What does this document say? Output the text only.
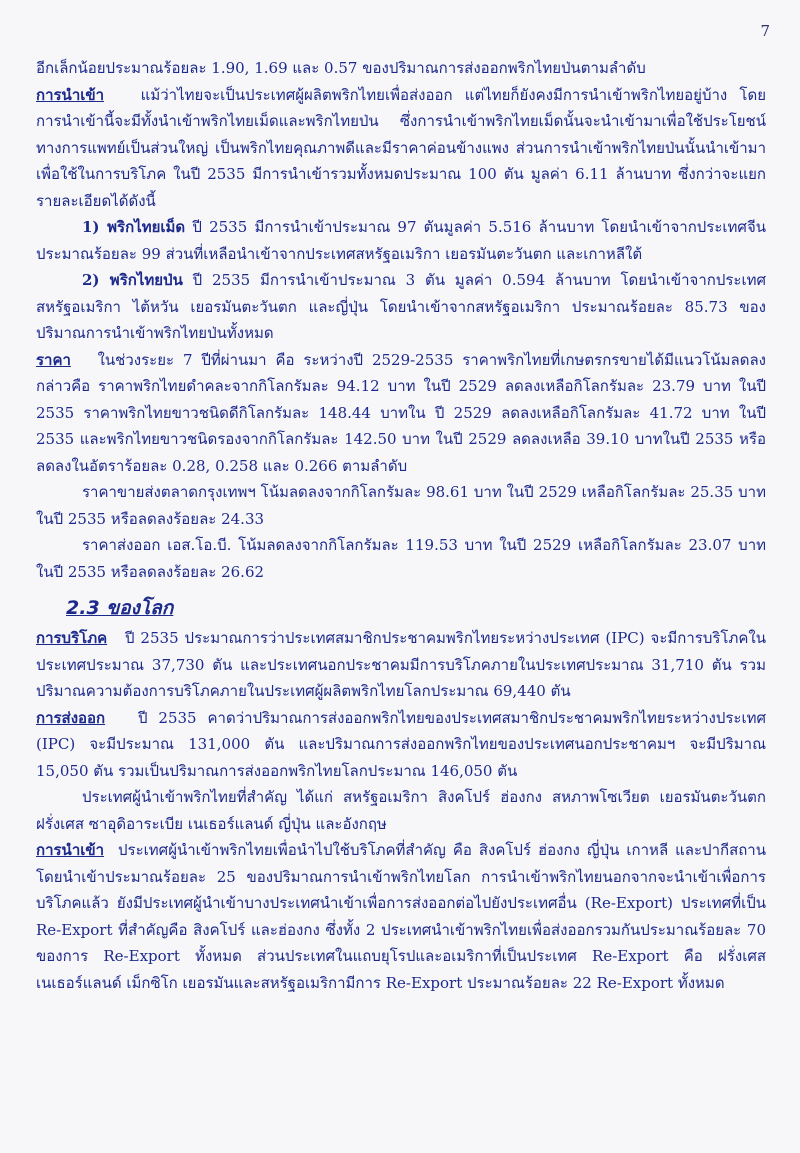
7

อีกเล็กน้อยประมาณร้อยละ 1.90, 1.69 และ 0.57 ของปริมาณการส่งออกพริกไทยป่นตามลำดับ

การนำเข้า แม้ว่าไทยจะเป็นประเทศผู้ผลิตพริกไทยเพื่อส่งออก แต่ไทยก็ยังคงมีการนำเข้าพริกไทยอยู่บ้าง โดยการนำเข้านี้จะมีทั้งนำเข้าพริกไทยเม็ดและพริกไทยป่น ซึ่งการนำเข้าพริกไทยเม็ดนั้นจะนำเข้ามาเพื่อใช้ประโยชน์ทางการแพทย์เป็นส่วนใหญ่ เป็นพริกไทยคุณภาพดีและมีราคาค่อนข้างแพง ส่วนการนำเข้าพริกไทยป่นนั้นนำเข้ามาเพื่อใช้ในการบริโภค ในปี 2535 มีการนำเข้ารวมทั้งหมดประมาณ 100 ตัน มูลค่า 6.11 ล้านบาท ซึ่งกว่าจะแยกรายละเอียดได้ดังนี้

1) พริกไทยเม็ด ปี 2535 มีการนำเข้าประมาณ 97 ตันมูลค่า 5.516 ล้านบาท โดยนำเข้าจากประเทศจีนประมาณร้อยละ 99 ส่วนที่เหลือนำเข้าจากประเทศสหรัฐอเมริกา เยอรมันตะวันตก และเกาหลีใต้

2) พริกไทยป่น ปี 2535 มีการนำเข้าประมาณ 3 ตัน มูลค่า 0.594 ล้านบาท โดยนำเข้าจากประเทศสหรัฐอเมริกา ไต้หวัน เยอรมันตะวันตก และญี่ปุ่น โดยนำเข้าจากสหรัฐอเมริกา ประมาณร้อยละ 85.73 ของปริมาณการนำเข้าพริกไทยป่นทั้งหมด

ราคา ในช่วงระยะ 7 ปีที่ผ่านมา คือ ระหว่างปี 2529-2535 ราคาพริกไทยที่เกษตรกรขายได้มีแนวโน้มลดลง กล่าวคือ ราคาพริกไทยดำคละจากกิโลกรัมละ 94.12 บาท ในปี 2529 ลดลงเหลือกิโลกรัมละ 23.79 บาท ในปี 2535 ราคาพริกไทยขาวชนิดดีกิโลกรัมละ 148.44 บาทใน ปี 2529 ลดลงเหลือกิโลกรัมละ 41.72 บาท ในปี 2535 และพริกไทยขาวชนิดรองจากกิโลกรัมละ 142.50 บาท ในปี 2529 ลดลงเหลือ 39.10 บาทในปี 2535 หรือลดลงในอัตราร้อยละ 0.28, 0.258 และ 0.266 ตามลำดับ

ราคาขายส่งตลาดกรุงเทพฯ โน้มลดลงจากกิโลกรัมละ 98.61 บาท ในปี 2529 เหลือกิโลกรัมละ 25.35 บาท ในปี 2535 หรือลดลงร้อยละ 24.33

ราคาส่งออก เอส.โอ.บี. โน้มลดลงจากกิโลกรัมละ 119.53 บาท ในปี 2529 เหลือกิโลกรัมละ 23.07 บาท ในปี 2535 หรือลดลงร้อยละ 26.62

2.3 ของโลก

การบริโภค ปี 2535 ประมาณการว่าประเทศสมาชิกประชาคมพริกไทยระหว่างประเทศ (IPC) จะมีการบริโภคในประเทศประมาณ 37,730 ตัน และประเทศนอกประชาคมมีการบริโภคภายในประเทศประมาณ 31,710 ตัน รวมปริมาณความต้องการบริโภคภายในประเทศผู้ผลิตพริกไทยโลกประมาณ 69,440 ตัน

การส่งออก ปี 2535 คาดว่าปริมาณการส่งออกพริกไทยของประเทศสมาชิกประชาคมพริกไทยระหว่างประเทศ (IPC) จะมีประมาณ 131,000 ตัน และปริมาณการส่งออกพริกไทยของประเทศนอกประชาคมฯ จะมีปริมาณ 15,050 ตัน รวมเป็นปริมาณการส่งออกพริกไทยโลกประมาณ 146,050 ตัน

ประเทศผู้นำเข้าพริกไทยที่สำคัญ ได้แก่ สหรัฐอเมริกา สิงคโปร์ ฮ่องกง สหภาพโซเวียต เยอรมันตะวันตก ฝรั่งเศส ซาอุดิอาระเบีย เนเธอร์แลนด์ ญี่ปุ่น และอังกฤษ

การนำเข้า ประเทศผู้นำเข้าพริกไทยเพื่อนำไปใช้บริโภคที่สำคัญ คือ สิงคโปร์ ฮ่องกง ญี่ปุ่น เกาหลี และปากีสถาน โดยนำเข้าประมาณร้อยละ 25 ของปริมาณการนำเข้าพริกไทยโลก การนำเข้าพริกไทยนอกจากจะนำเข้าเพื่อการบริโภคแล้ว ยังมีประเทศผู้นำเข้าบางประเทศนำเข้าเพื่อการส่งออกต่อไปยังประเทศอื่น (Re-Export) ประเทศที่เป็น Re-Export ที่สำคัญคือ สิงคโปร์ และฮ่องกง ซึ่งทั้ง 2 ประเทศนำเข้าพริกไทยเพื่อส่งออกรวมกันประมาณร้อยละ 70 ของการ Re-Export ทั้งหมด ส่วนประเทศในแถบยุโรปและอเมริกาที่เป็นประเทศ Re-Export คือ ฝรั่งเศส เนเธอร์แลนด์ เม็กซิโก เยอรมันและสหรัฐอเมริกามีการ Re-Export ประมาณร้อยละ 22 Re-Export ทั้งหมด
